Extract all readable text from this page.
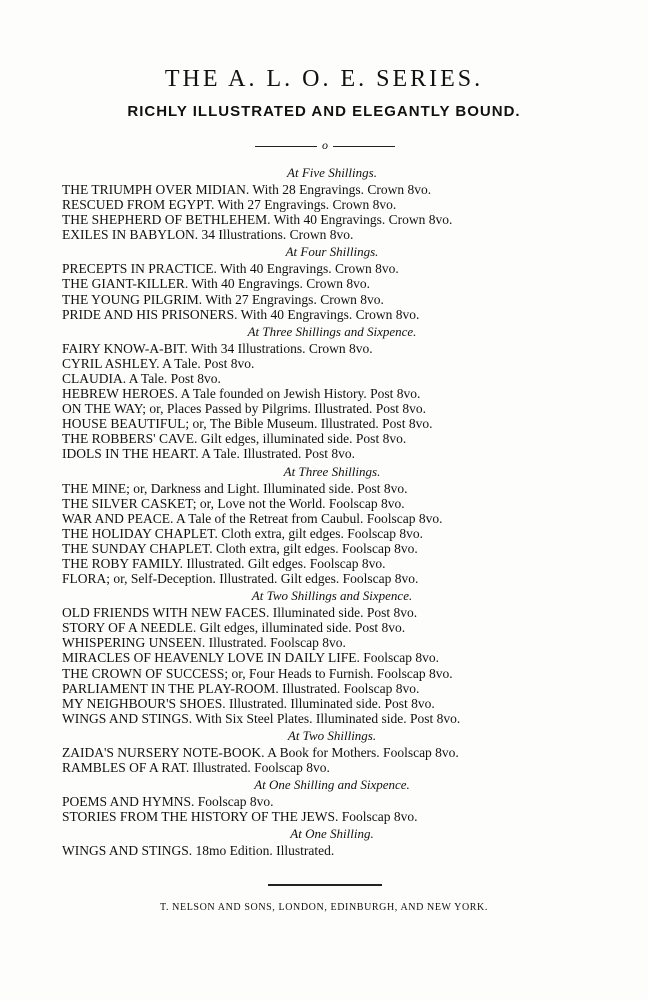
THE A. L. O. E. SERIES.
RICHLY ILLUSTRATED AND ELEGANTLY BOUND.
o
At Five Shillings.
THE TRIUMPH OVER MIDIAN. With 28 Engravings. Crown 8vo.
RESCUED FROM EGYPT. With 27 Engravings. Crown 8vo.
THE SHEPHERD OF BETHLEHEM. With 40 Engravings. Crown 8vo.
EXILES IN BABYLON. 34 Illustrations. Crown 8vo.
At Four Shillings.
PRECEPTS IN PRACTICE. With 40 Engravings. Crown 8vo.
THE GIANT-KILLER. With 40 Engravings. Crown 8vo.
THE YOUNG PILGRIM. With 27 Engravings. Crown 8vo.
PRIDE AND HIS PRISONERS. With 40 Engravings. Crown 8vo.
At Three Shillings and Sixpence.
FAIRY KNOW-A-BIT. With 34 Illustrations. Crown 8vo.
CYRIL ASHLEY. A Tale. Post 8vo.
CLAUDIA. A Tale. Post 8vo.
HEBREW HEROES. A Tale founded on Jewish History. Post 8vo.
ON THE WAY; or, Places Passed by Pilgrims. Illustrated. Post 8vo.
HOUSE BEAUTIFUL; or, The Bible Museum. Illustrated. Post 8vo.
THE ROBBERS' CAVE. Gilt edges, illuminated side. Post 8vo.
IDOLS IN THE HEART. A Tale. Illustrated. Post 8vo.
At Three Shillings.
THE MINE; or, Darkness and Light. Illuminated side. Post 8vo.
THE SILVER CASKET; or, Love not the World. Foolscap 8vo.
WAR AND PEACE. A Tale of the Retreat from Caubul. Foolscap 8vo.
THE HOLIDAY CHAPLET. Cloth extra, gilt edges. Foolscap 8vo.
THE SUNDAY CHAPLET. Cloth extra, gilt edges. Foolscap 8vo.
THE ROBY FAMILY. Illustrated. Gilt edges. Foolscap 8vo.
FLORA; or, Self-Deception. Illustrated. Gilt edges. Foolscap 8vo.
At Two Shillings and Sixpence.
OLD FRIENDS WITH NEW FACES. Illuminated side. Post 8vo.
STORY OF A NEEDLE. Gilt edges, illuminated side. Post 8vo.
WHISPERING UNSEEN. Illustrated. Foolscap 8vo.
MIRACLES OF HEAVENLY LOVE IN DAILY LIFE. Foolscap 8vo.
THE CROWN OF SUCCESS; or, Four Heads to Furnish. Foolscap 8vo.
PARLIAMENT IN THE PLAY-ROOM. Illustrated. Foolscap 8vo.
MY NEIGHBOUR'S SHOES. Illustrated. Illuminated side. Post 8vo.
WINGS AND STINGS. With Six Steel Plates. Illuminated side. Post 8vo.
At Two Shillings.
ZAIDA'S NURSERY NOTE-BOOK. A Book for Mothers. Foolscap 8vo.
RAMBLES OF A RAT. Illustrated. Foolscap 8vo.
At One Shilling and Sixpence.
POEMS AND HYMNS. Foolscap 8vo.
STORIES FROM THE HISTORY OF THE JEWS. Foolscap 8vo.
At One Shilling.
WINGS AND STINGS. 18mo Edition. Illustrated.
T. NELSON AND SONS, LONDON, EDINBURGH, AND NEW YORK.
